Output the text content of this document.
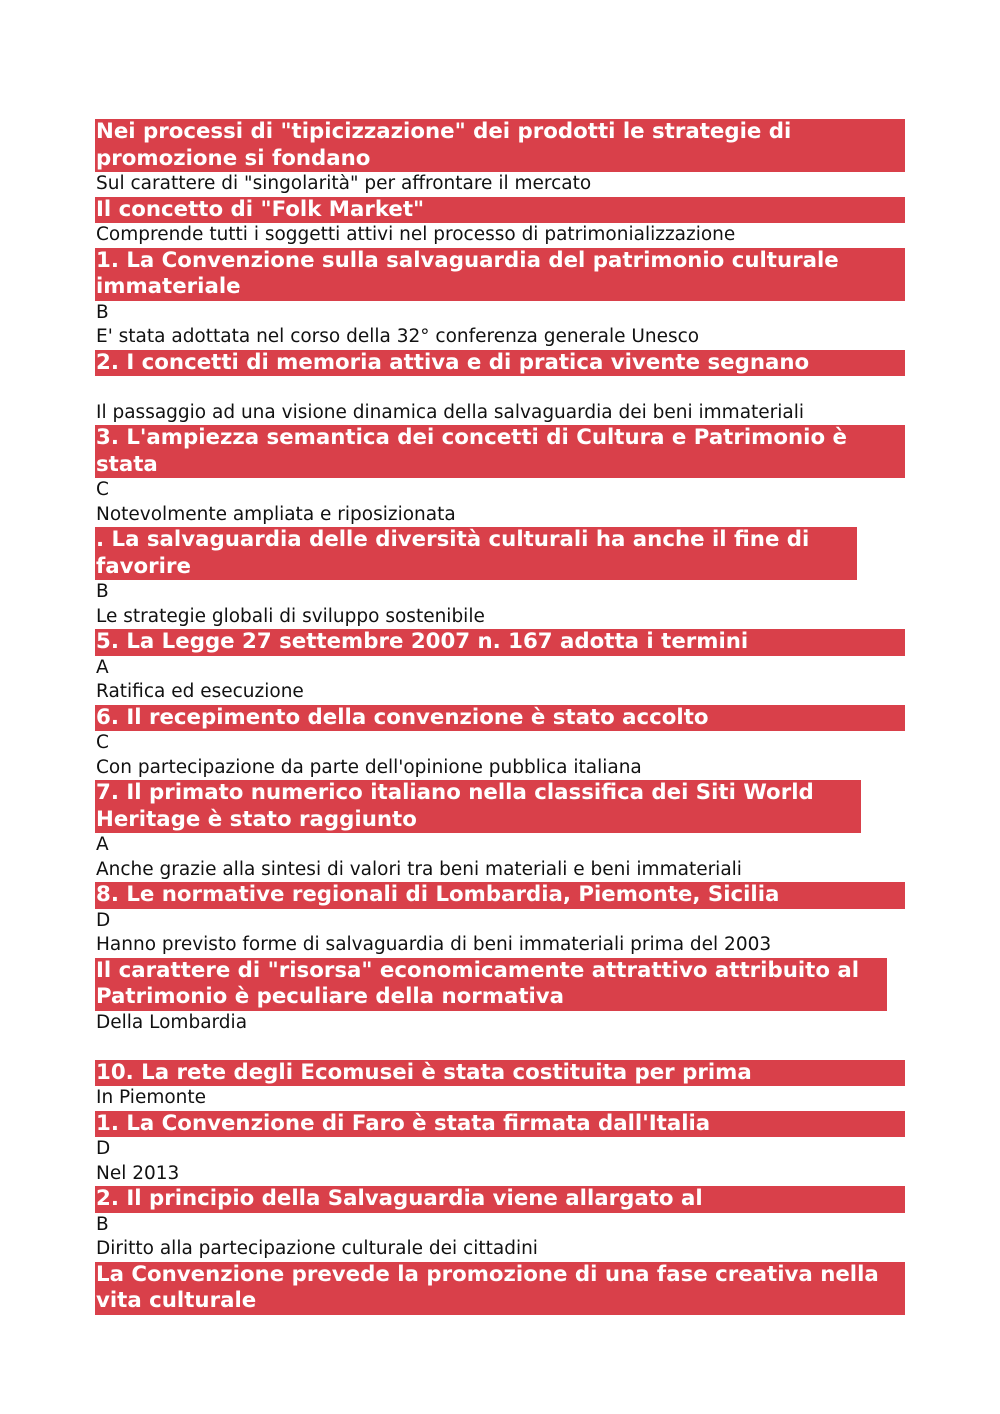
Nei processi di "tipicizzazione" dei prodotti le strategie di promozione si fondano
Sul carattere di "singolarità" per affrontare il mercato
Il concetto di "Folk Market"
Comprende tutti i soggetti attivi nel processo di patrimonializzazione
1. La Convenzione sulla salvaguardia del patrimonio culturale immateriale
B
E' stata adottata nel corso della 32° conferenza generale Unesco
2. I concetti di memoria attiva e di pratica vivente segnano
Il passaggio ad una visione dinamica della salvaguardia dei beni immateriali
3. L'ampiezza semantica dei concetti di Cultura e Patrimonio è stata
C
Notevolmente ampliata e riposizionata
. La salvaguardia delle diversità culturali ha anche il fine di favorire
B
Le strategie globali di sviluppo sostenibile
5. La Legge 27 settembre 2007 n. 167 adotta i termini
A
Ratifica ed esecuzione
6. Il recepimento della convenzione è stato accolto
C
Con partecipazione da parte dell'opinione pubblica italiana
7. Il primato numerico italiano nella classifica dei Siti World Heritage è stato raggiunto
A
Anche grazie alla sintesi di valori tra beni materiali e beni immateriali
8. Le normative regionali di Lombardia, Piemonte, Sicilia
D
Hanno previsto forme di salvaguardia di beni immateriali prima del 2003
Il carattere di "risorsa" economicamente attrattivo attribuito al Patrimonio è peculiare della normativa
Della Lombardia
10. La rete degli Ecomusei è stata costituita per prima
In Piemonte
1. La Convenzione di Faro è stata firmata dall'Italia
D
Nel 2013
2. Il principio della Salvaguardia viene allargato al
B
Diritto alla partecipazione culturale dei cittadini
La Convenzione prevede la promozione di una fase creativa nella vita culturale
